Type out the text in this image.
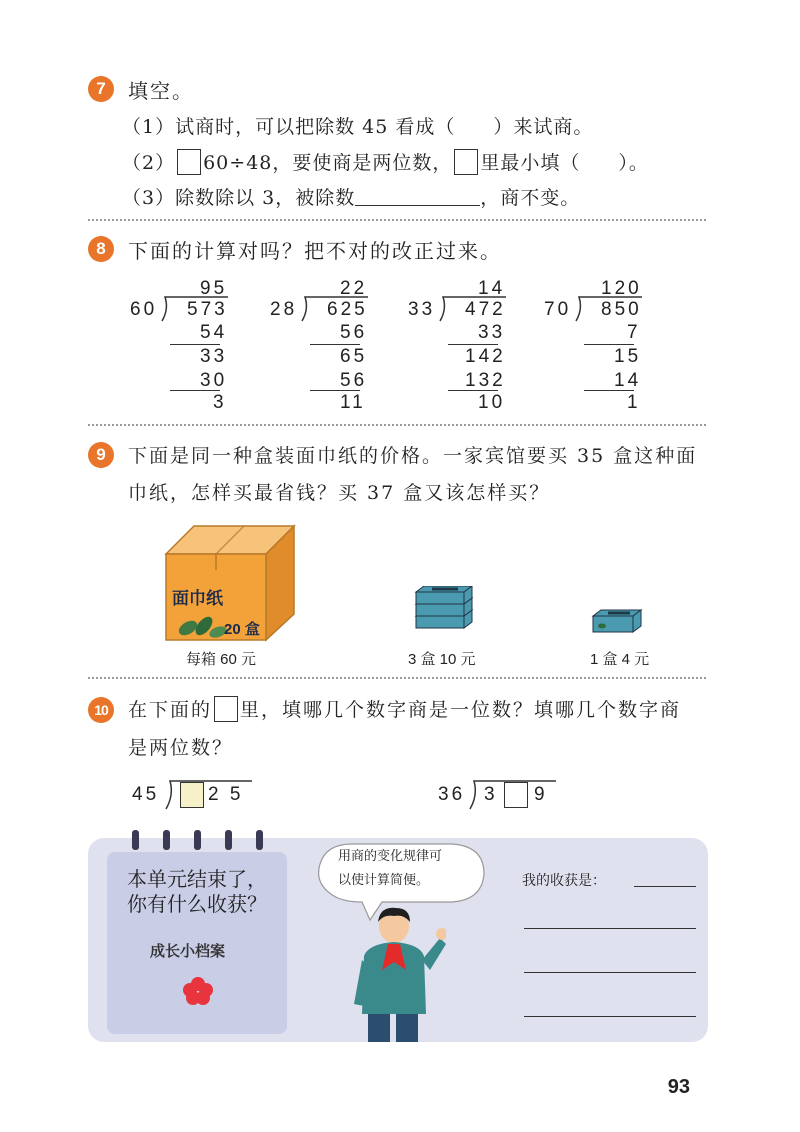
7	填空。
（1）试商时，可以把除数 45 看成（ ）来试商。
（2） 60÷48，要使商是两位数， 里最小填（ ）。
（3）除数除以 3，被除数	，商不变。
8	下面的计算对吗？把不对的改正过来。
95
60 573
54
33
30
3
22
28 625
56
65
56
11
14
33 472
33
142
132
10
120
70 850
7
15
14
1
9	下面是同一种盒装面巾纸的价格。一家宾馆要买 35 盒这种面
巾纸，怎样买最省钱？买 37 盒又该怎样买？
面巾纸
20 盒
每箱 60 元	3 盒 10 元	1 盒 4 元
10	在下面的 里，填哪几个数字商是一位数？填哪几个数字商
是两位数？
45	2 5	36 3 9
本单元结束了，
你有什么收获？
成长小档案
用商的变化规律可
以使计算简便。	我的收获是：
93
